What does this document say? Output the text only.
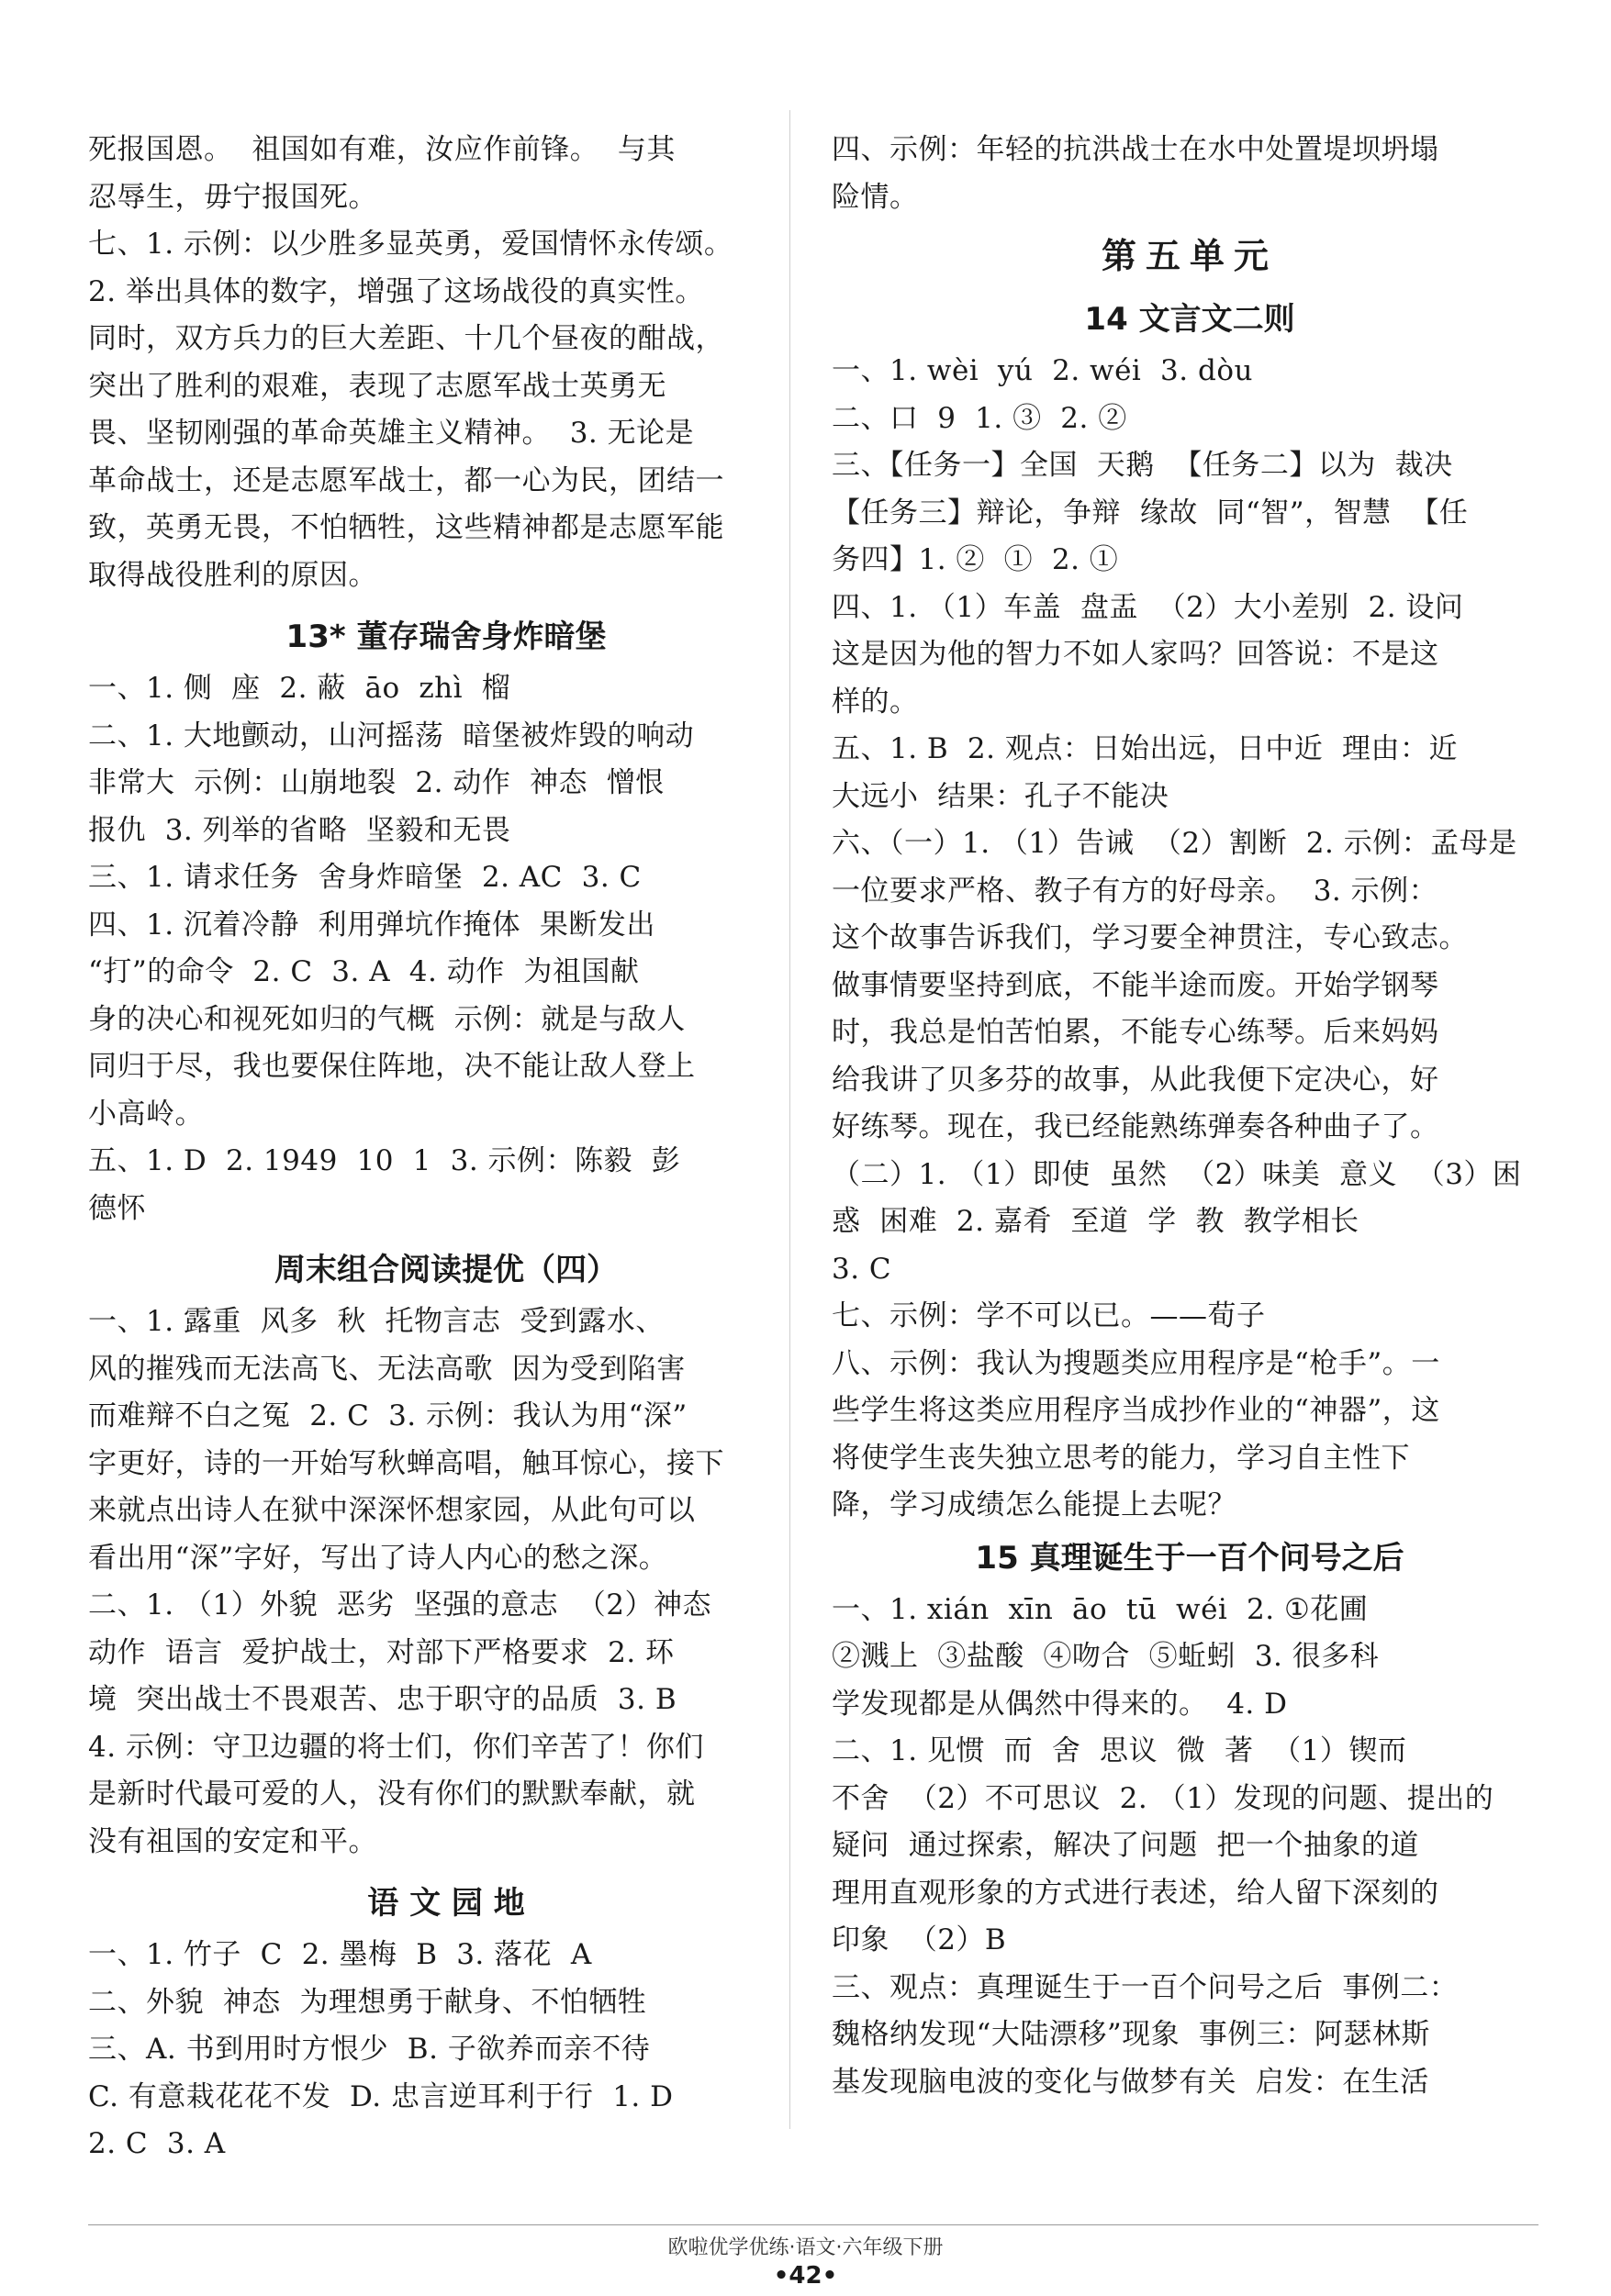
死报国恩。  祖国如有难，汝应作前锋。  与其

忍辱生，毋宁报国死。

七、1. 示例：以少胜多显英勇，爱国情怀永传颂。

2. 举出具体的数字，增强了这场战役的真实性。

同时，双方兵力的巨大差距、十几个昼夜的酣战，

突出了胜利的艰难，表现了志愿军战士英勇无

畏、坚韧刚强的革命英雄主义精神。  3. 无论是

革命战士，还是志愿军战士，都一心为民，团结一

致，英勇无畏，不怕牺牲，这些精神都是志愿军能

取得战役胜利的原因。

13* 董存瑞舍身炸暗堡

一、1. 侧  座  2. 蔽  āo  zhì  榴

二、1. 大地颤动，山河摇荡  暗堡被炸毁的响动

非常大  示例：山崩地裂  2. 动作  神态  憎恨

报仇  3. 列举的省略  坚毅和无畏

三、1. 请求任务  舍身炸暗堡  2. AC  3. C

四、1. 沉着冷静  利用弹坑作掩体  果断发出

“打”的命令  2. C  3. A  4. 动作  为祖国献

身的决心和视死如归的气概  示例：就是与敌人

同归于尽，我也要保住阵地，决不能让敌人登上

小高岭。

五、1. D  2. 1949  10  1  3. 示例：陈毅  彭

德怀

周末组合阅读提优（四）

一、1. 露重  风多  秋  托物言志  受到露水、

风的摧残而无法高飞、无法高歌  因为受到陷害

而难辩不白之冤  2. C  3. 示例：我认为用“深”

字更好，诗的一开始写秋蝉高唱，触耳惊心，接下

来就点出诗人在狱中深深怀想家园，从此句可以

看出用“深”字好，写出了诗人内心的愁之深。

二、1. （1）外貌  恶劣  坚强的意志  （2）神态

动作  语言  爱护战士，对部下严格要求  2. 环

境  突出战士不畏艰苦、忠于职守的品质  3. B

4. 示例：守卫边疆的将士们，你们辛苦了！你们

是新时代最可爱的人，没有你们的默默奉献，就

没有祖国的安定和平。

语 文 园 地

一、1. 竹子  C  2. 墨梅  B  3. 落花  A

二、外貌  神态  为理想勇于献身、不怕牺牲

三、A. 书到用时方恨少  B. 子欲养而亲不待

C. 有意栽花花不发  D. 忠言逆耳利于行  1. D

2. C  3. A

四、示例：年轻的抗洪战士在水中处置堤坝坍塌

险情。

第五单元
14 文言文二则

一、1. wèi  yú  2. wéi  3. dòu

二、口  9  1. ③  2. ②

三、【任务一】全国  天鹅  【任务二】以为  裁决

【任务三】辩论，争辩  缘故  同“智”，智慧  【任

务四】1. ②  ①  2. ①

四、1. （1）车盖  盘盂  （2）大小差别  2. 设问

这是因为他的智力不如人家吗？回答说：不是这

样的。

五、1. B  2. 观点：日始出远，日中近  理由：近

大远小  结果：孔子不能决

六、（一）1. （1）告诫  （2）割断  2. 示例：孟母是

一位要求严格、教子有方的好母亲。  3. 示例：

这个故事告诉我们，学习要全神贯注，专心致志。

做事情要坚持到底，不能半途而废。开始学钢琴

时，我总是怕苦怕累，不能专心练琴。后来妈妈

给我讲了贝多芬的故事，从此我便下定决心，好

好练琴。现在，我已经能熟练弹奏各种曲子了。

（二）1. （1）即使  虽然  （2）味美  意义  （3）困

惑  困难  2. 嘉肴  至道  学  教  教学相长

3. C

七、示例：学不可以已。——荀子

八、示例：我认为搜题类应用程序是“枪手”。一

些学生将这类应用程序当成抄作业的“神器”，这

将使学生丧失独立思考的能力，学习自主性下

降，学习成绩怎么能提上去呢？

15 真理诞生于一百个问号之后

一、1. xián  xīn  āo  tū  wéi  2. ①花圃

②溅上  ③盐酸  ④吻合  ⑤蚯蚓  3. 很多科

学发现都是从偶然中得来的。  4. D

二、1. 见惯  而  舍  思议  微  著  （1）锲而

不舍  （2）不可思议  2. （1）发现的问题、提出的

疑问  通过探索，解决了问题  把一个抽象的道

理用直观形象的方式进行表述，给人留下深刻的

印象  （2）B

三、观点：真理诞生于一百个问号之后  事例二：

魏格纳发现“大陆漂移”现象  事例三：阿瑟林斯

基发现脑电波的变化与做梦有关  启发：在生活

欧啦优学优练·语文·六年级下册
•42•
